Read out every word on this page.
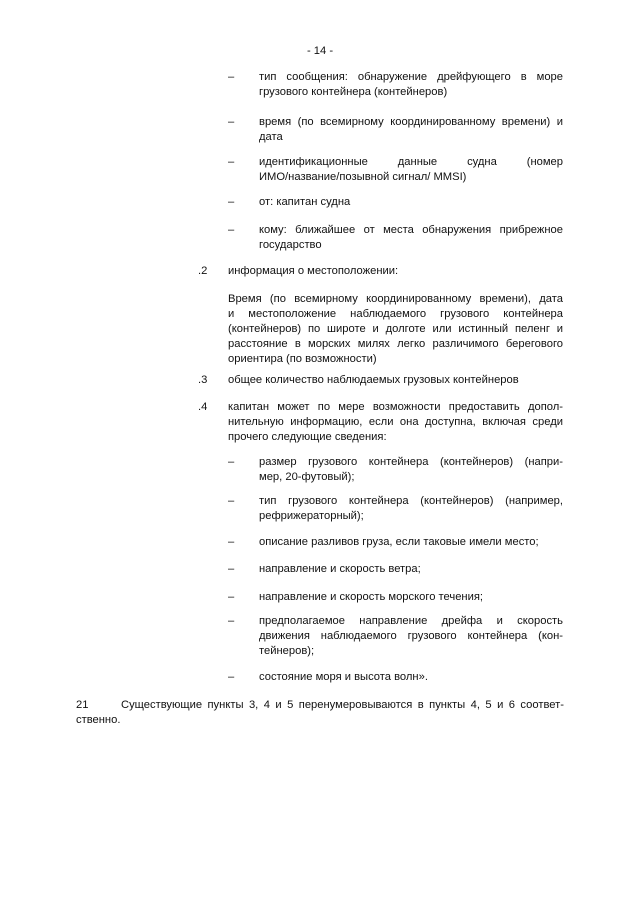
- 14 -
– тип сообщения: обнаружение дрейфующего в море
грузового контейнера (контейнеров)
– время (по всемирному координированному времени) и
дата
– идентификационные данные судна (номер
ИМО/название/позывной сигнал/ MMSI)
– от: капитан судна
– кому: ближайшее от места обнаружения прибрежное
государство
.2 информация о местоположении:
Время (по всемирному координированному времени), дата
и местоположение наблюдаемого грузового контейнера
(контейнеров) по широте и долготе или истинный пеленг и
расстояние в морских милях легко различимого берегового
ориентира (по возможности)
.3 общее количество наблюдаемых грузовых контейнеров
.4 капитан может по мере возможности предоставить допол-
нительную информацию, если она доступна, включая среди
прочего следующие сведения:
– размер грузового контейнера (контейнеров) (напри-
мер, 20-футовый);
– тип грузового контейнера (контейнеров) (например,
рефрижераторный);
– описание разливов груза, если таковые имели место;
– направление и скорость ветра;
– направление и скорость морского течения;
– предполагаемое направление дрейфа и скорость
движения наблюдаемого грузового контейнера (кон-
тейнеров);
– состояние моря и высота волн».
21	Существующие пункты 3, 4 и 5 перенумеровываются в пункты 4, 5 и 6 соответ-
ственно.
